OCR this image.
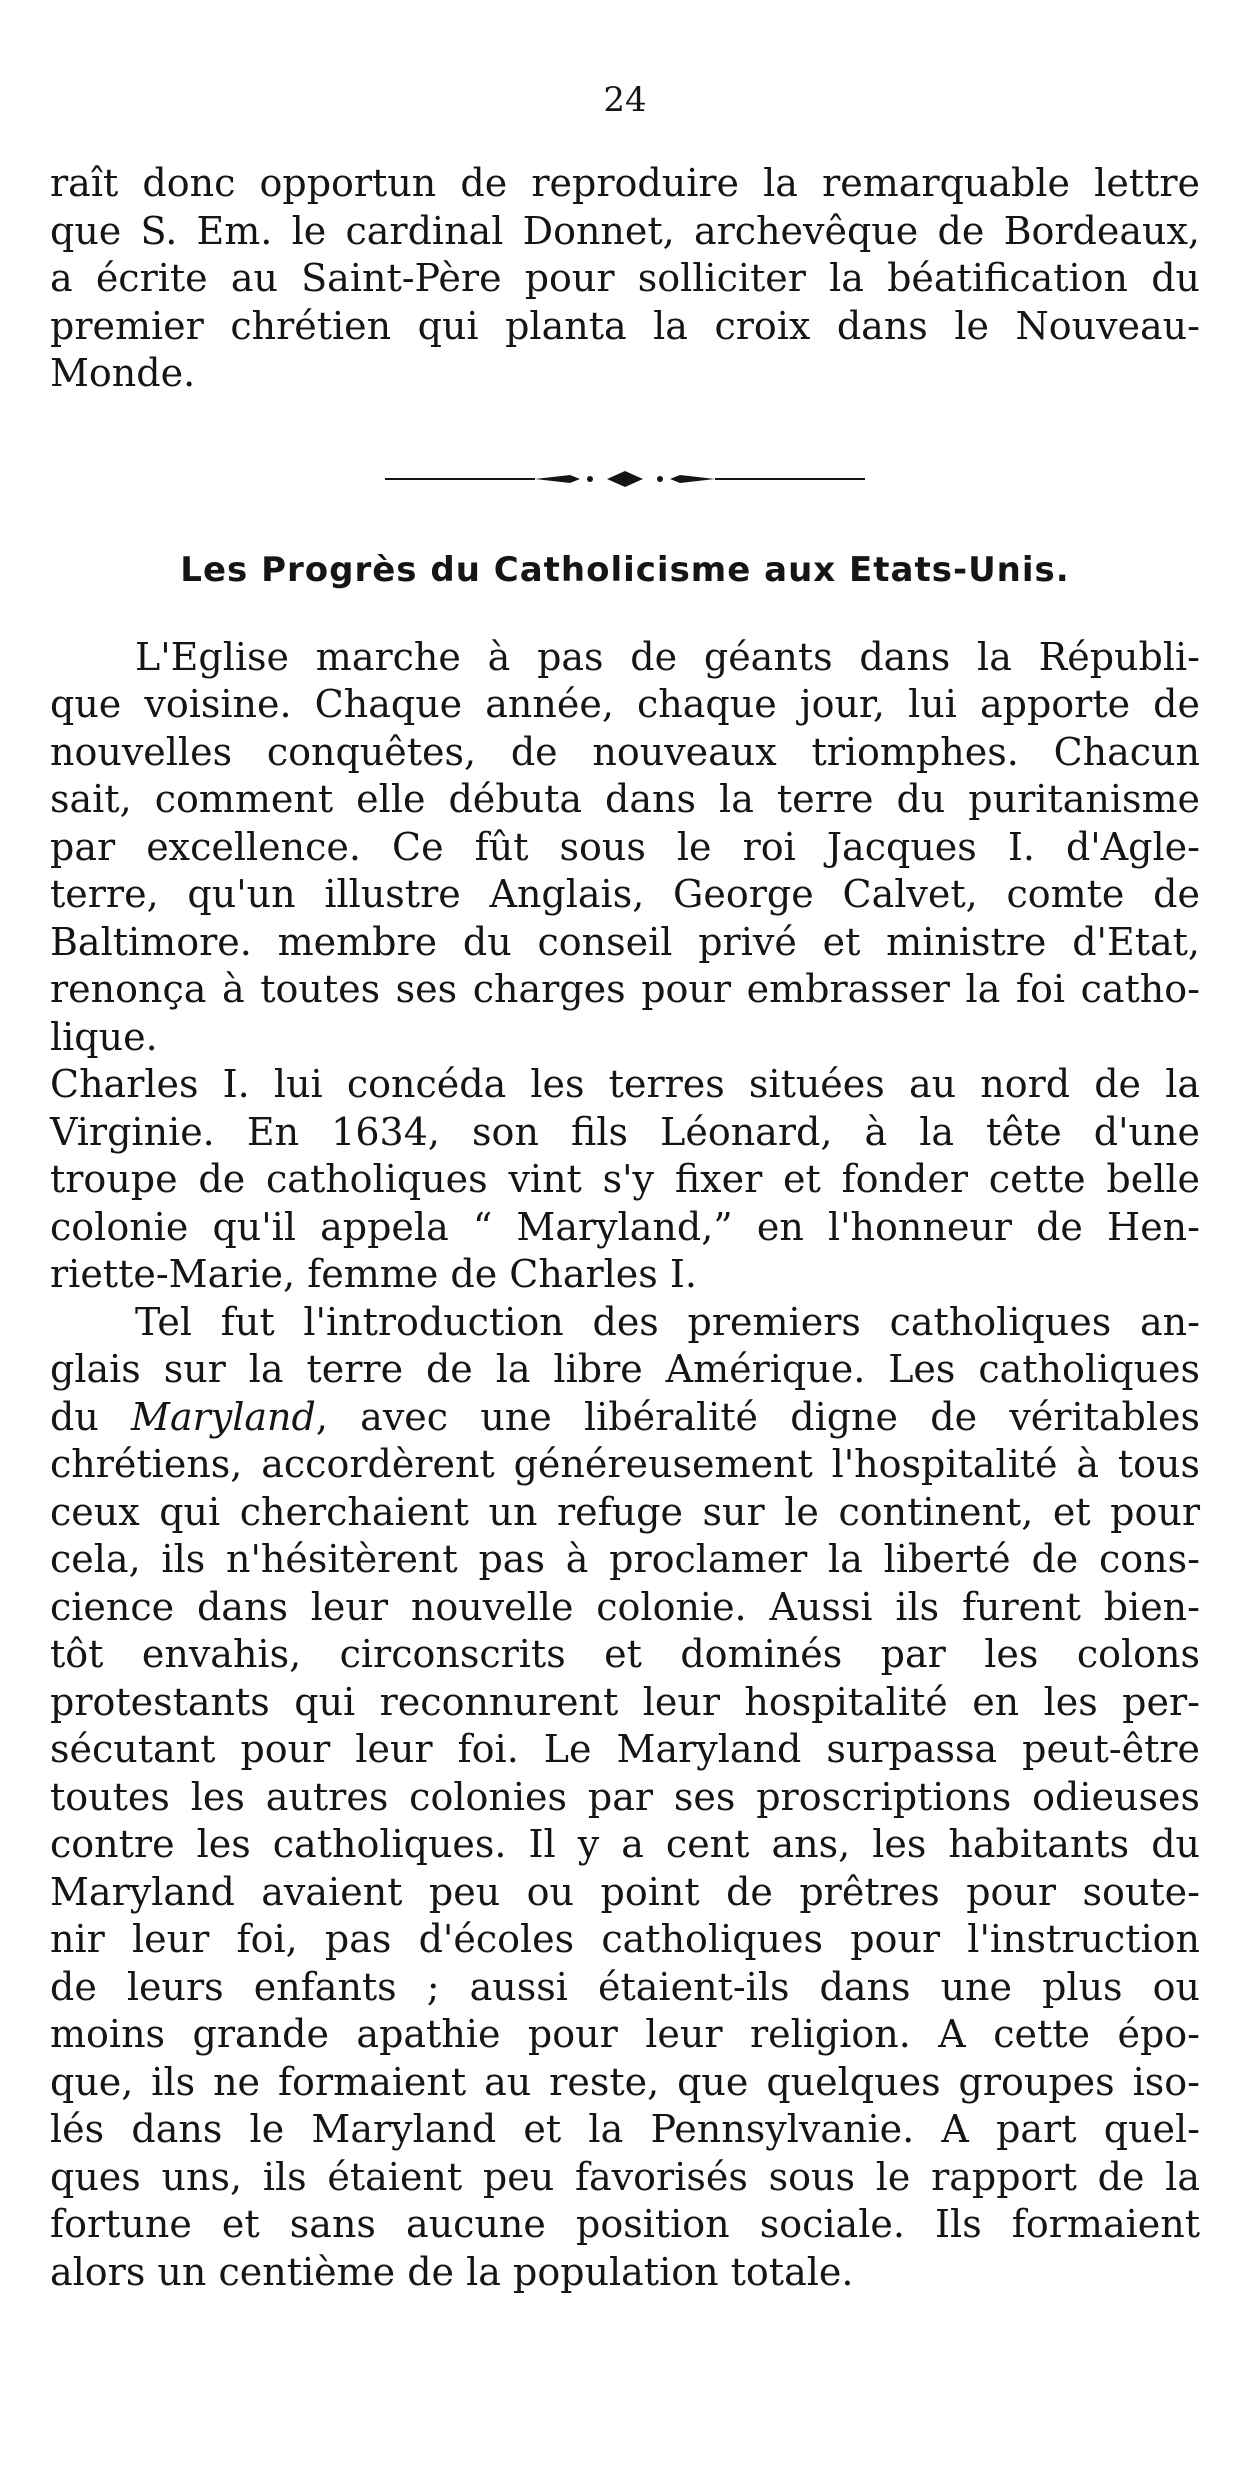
24
raît donc opportun de reproduire la remarquable lettre
que S. Em. le cardinal Donnet, archevêque de Bordeaux,
a écrite au Saint-Père pour solliciter la béatification du
premier chrétien qui planta la croix dans le Nouveau-
Monde.
Les Progrès du Catholicisme aux Etats-Unis.
L'Eglise marche à pas de géants dans la Républi-
que voisine. Chaque année, chaque jour, lui apporte de
nouvelles conquêtes, de nouveaux triomphes. Chacun
sait, comment elle débuta dans la terre du puritanisme
par excellence. Ce fût sous le roi Jacques I. d'Agle-
terre, qu'un illustre Anglais, George Calvet, comte de
Baltimore. membre du conseil privé et ministre d'Etat,
renonça à toutes ses charges pour embrasser la foi catho-
lique.
Charles I. lui concéda les terres situées au nord de la
Virginie. En 1634, son fils Léonard, à la tête d'une
troupe de catholiques vint s'y fixer et fonder cette belle
colonie qu'il appela “ Maryland,” en l'honneur de Hen-
riette-Marie, femme de Charles I.
Tel fut l'introduction des premiers catholiques an-
glais sur la terre de la libre Amérique. Les catholiques
du Maryland, avec une libéralité digne de véritables
chrétiens, accordèrent généreusement l'hospitalité à tous
ceux qui cherchaient un refuge sur le continent, et pour
cela, ils n'hésitèrent pas à proclamer la liberté de cons-
cience dans leur nouvelle colonie. Aussi ils furent bien-
tôt envahis, circonscrits et dominés par les colons
protestants qui reconnurent leur hospitalité en les per-
sécutant pour leur foi. Le Maryland surpassa peut-être
toutes les autres colonies par ses proscriptions odieuses
contre les catholiques. Il y a cent ans, les habitants du
Maryland avaient peu ou point de prêtres pour soute-
nir leur foi, pas d'écoles catholiques pour l'instruction
de leurs enfants ; aussi étaient-ils dans une plus ou
moins grande apathie pour leur religion. A cette épo-
que, ils ne formaient au reste, que quelques groupes iso-
lés dans le Maryland et la Pennsylvanie. A part quel-
ques uns, ils étaient peu favorisés sous le rapport de la
fortune et sans aucune position sociale. Ils formaient
alors un centième de la population totale.
